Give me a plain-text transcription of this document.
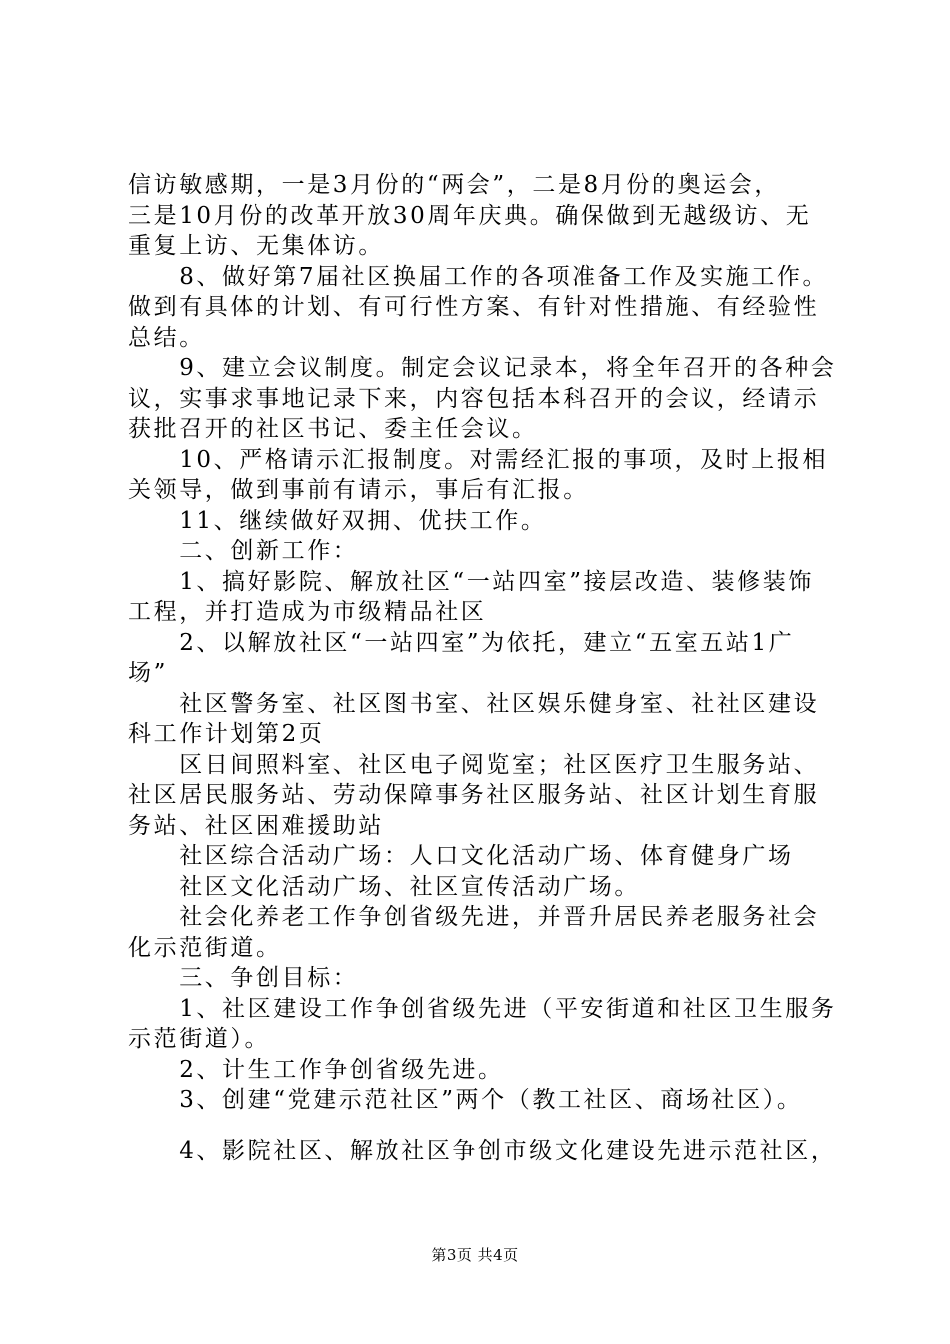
信访敏感期，一是3月份的“两会”，二是8月份的奥运会，
三是10月份的改革开放30周年庆典。确保做到无越级访、无
重复上访、无集体访。
　　8、做好第7届社区换届工作的各项准备工作及实施工作。
做到有具体的计划、有可行性方案、有针对性措施、有经验性
总结。
　　9、建立会议制度。制定会议记录本，将全年召开的各种会
议，实事求事地记录下来，内容包括本科召开的会议，经请示
获批召开的社区书记、委主任会议。
　　10、严格请示汇报制度。对需经汇报的事项，及时上报相
关领导，做到事前有请示，事后有汇报。
　　11、继续做好双拥、优扶工作。
　　二、创新工作：
　　1、搞好影院、解放社区“一站四室”接层改造、装修装饰
工程，并打造成为市级精品社区
　　2、以解放社区“一站四室”为依托，建立“五室五站1广
场”
　　社区警务室、社区图书室、社区娱乐健身室、社社区建设
科工作计划第2页
　　区日间照料室、社区电子阅览室；社区医疗卫生服务站、
社区居民服务站、劳动保障事务社区服务站、社区计划生育服
务站、社区困难援助站
　　社区综合活动广场：人口文化活动广场、体育健身广场
　　社区文化活动广场、社区宣传活动广场。
　　社会化养老工作争创省级先进，并晋升居民养老服务社会
化示范街道。
　　三、争创目标：
　　1、社区建设工作争创省级先进（平安街道和社区卫生服务
示范街道）。
　　2、计生工作争创省级先进。
　　3、创建“党建示范社区”两个（教工社区、商场社区）。
　　4、影院社区、解放社区争创市级文化建设先进示范社区，
第3页 共4页
